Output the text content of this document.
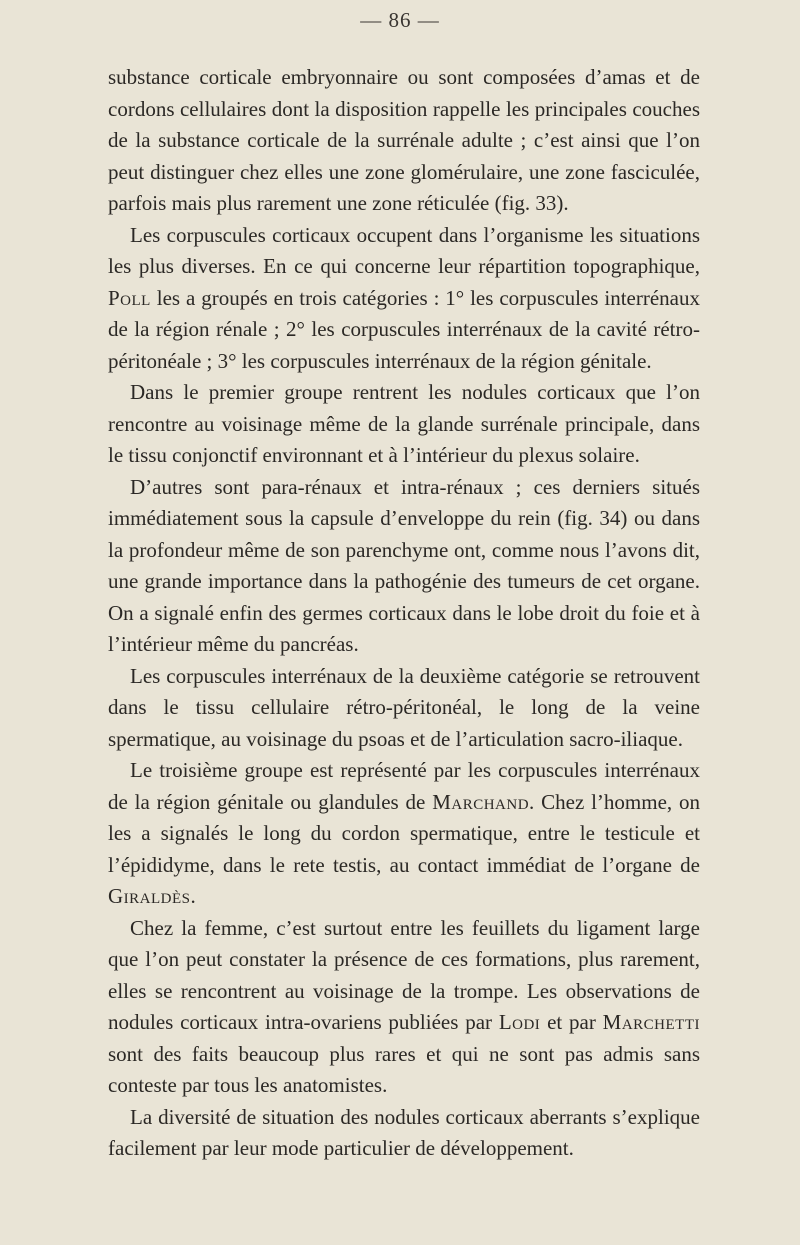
— 86 —

substance corticale embryonnaire ou sont composées d’amas et de cordons cellulaires dont la disposition rappelle les principales couches de la substance corticale de la surrénale adulte ; c’est ainsi que l’on peut distinguer chez elles une zone glomérulaire, une zone fasciculée, parfois mais plus rarement une zone réticulée (fig. 33).

Les corpuscules corticaux occupent dans l’organisme les situations les plus diverses. En ce qui concerne leur répartition topographique, Poll les a groupés en trois catégories : 1° les corpuscules interrénaux de la région rénale ; 2° les corpuscules interrénaux de la cavité rétro-péritonéale ; 3° les corpuscules interrénaux de la région génitale.

Dans le premier groupe rentrent les nodules corticaux que l’on rencontre au voisinage même de la glande surrénale principale, dans le tissu conjonctif environnant et à l’intérieur du plexus solaire.

D’autres sont para-rénaux et intra-rénaux ; ces derniers situés immédiatement sous la capsule d’enveloppe du rein (fig. 34) ou dans la profondeur même de son parenchyme ont, comme nous l’avons dit, une grande importance dans la pathogénie des tumeurs de cet organe. On a signalé enfin des germes corticaux dans le lobe droit du foie et à l’intérieur même du pancréas.

Les corpuscules interrénaux de la deuxième catégorie se retrouvent dans le tissu cellulaire rétro-péritonéal, le long de la veine spermatique, au voisinage du psoas et de l’articulation sacro-iliaque.

Le troisième groupe est représenté par les corpuscules interrénaux de la région génitale ou glandules de Marchand. Chez l’homme, on les a signalés le long du cordon spermatique, entre le testicule et l’épididyme, dans le rete testis, au contact immédiat de l’organe de Giraldès.

Chez la femme, c’est surtout entre les feuillets du ligament large que l’on peut constater la présence de ces formations, plus rarement, elles se rencontrent au voisinage de la trompe. Les observations de nodules corticaux intra-ovariens publiées par Lodi et par Marchetti sont des faits beaucoup plus rares et qui ne sont pas admis sans conteste par tous les anatomistes.

La diversité de situation des nodules corticaux aberrants s’explique facilement par leur mode particulier de développement.
